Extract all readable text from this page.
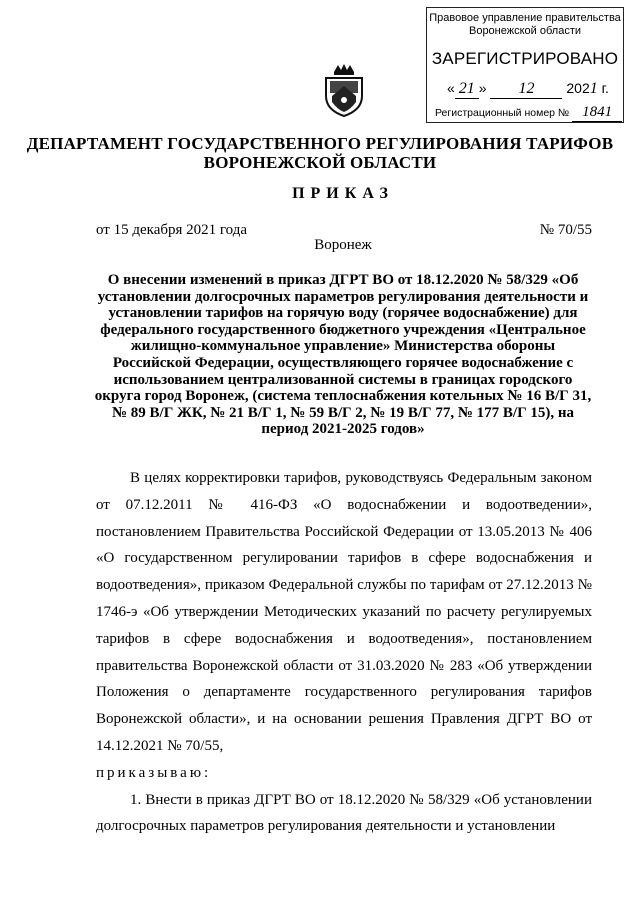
Правовое управление правительства Воронежской области
ЗАРЕГИСТРИРОВАНО
« 21 » 12 2021 г.
Регистрационный номер № 1841
ДЕПАРТАМЕНТ ГОСУДАРСТВЕННОГО РЕГУЛИРОВАНИЯ ТАРИФОВ ВОРОНЕЖСКОЙ ОБЛАСТИ
ПРИКАЗ
от 15 декабря 2021 года	№ 70/55
Воронеж
О внесении изменений в приказ ДГРТ ВО от 18.12.2020 № 58/329 «Об установлении долгосрочных параметров регулирования деятельности и установлении тарифов на горячую воду (горячее водоснабжение) для федерального государственного бюджетного учреждения «Центральное жилищно-коммунальное управление» Министерства обороны Российской Федерации, осуществляющего горячее водоснабжение с использованием централизованной системы в границах городского округа город Воронеж, (система теплоснабжения котельных № 16 В/Г 31, № 89 В/Г ЖК, № 21 В/Г 1, № 59 В/Г 2, № 19 В/Г 77, № 177 В/Г 15), на период 2021-2025 годов»

В целях корректировки тарифов, руководствуясь Федеральным законом от 07.12.2011 № 416-ФЗ «О водоснабжении и водоотведении», постановлением Правительства Российской Федерации от 13.05.2013 № 406 «О государственном регулировании тарифов в сфере водоснабжения и водоотведения», приказом Федеральной службы по тарифам от 27.12.2013 № 1746-э «Об утверждении Методических указаний по расчету регулируемых тарифов в сфере водоснабжения и водоотведения», постановлением правительства Воронежской области от 31.03.2020 № 283 «Об утверждении Положения о департаменте государственного регулирования тарифов Воронежской области», и на основании решения Правления ДГРТ ВО от 14.12.2021 № 70/55,

приказываю:

1. Внести в приказ ДГРТ ВО от 18.12.2020 № 58/329 «Об установлении долгосрочных параметров регулирования деятельности и установлении
